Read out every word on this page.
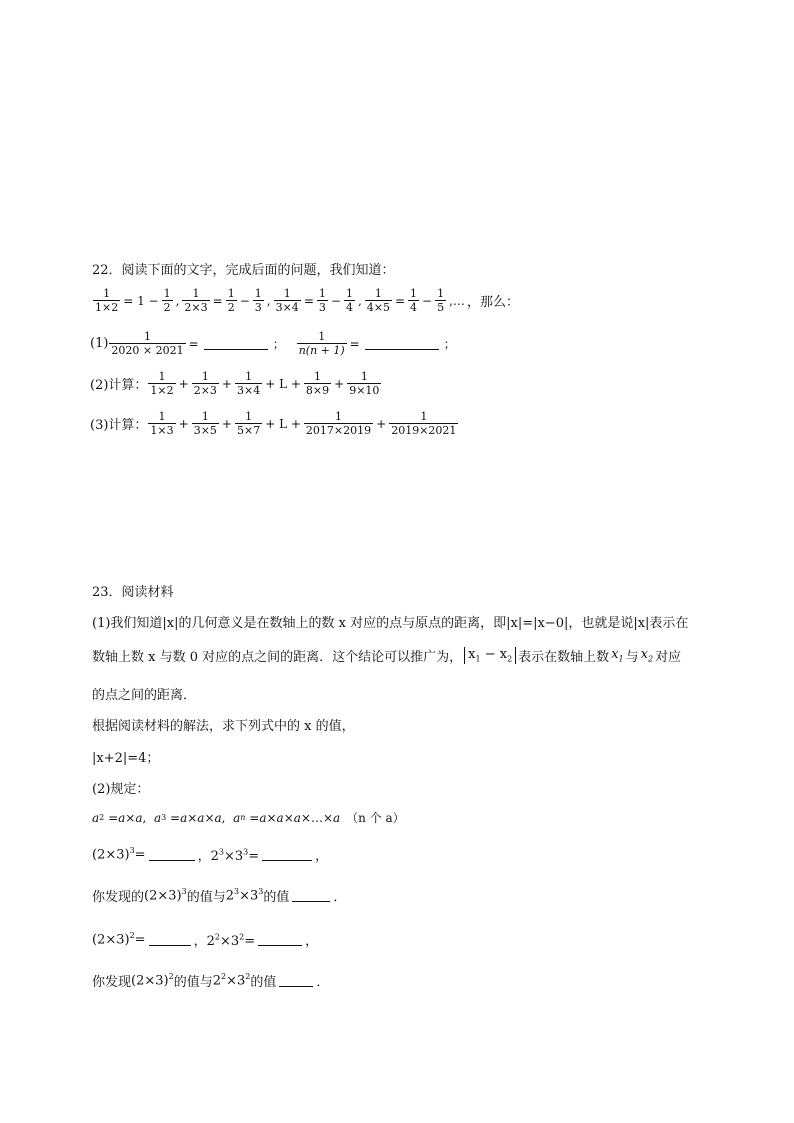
22．阅读下面的文字，完成后面的问题，我们知道：
$\frac{1}{1\times 2} = 1 - \frac{1}{2}$ , $\frac{1}{2\times 3} = \frac{1}{2} - \frac{1}{3}$ , $\frac{1}{3\times 4} = \frac{1}{3} - \frac{1}{4}$ , $\frac{1}{4\times 5} = \frac{1}{4} - \frac{1}{5}$ ,… ，那么：
$(1) \frac{1}{2020 \times 2021}$ =	； $\frac{1}{n(n + 1)}$ =	；
(2)计算： $\frac{1}{1\times 2} + \frac{1}{2\times 3} + \frac{1}{3\times 4} + L + \frac{1}{8\times 9} + \frac{1}{9\times 10}$
(3)计算： $\frac{1}{1\times 3} + \frac{1}{3\times 5} + \frac{1}{5\times 7} + L + \frac{1}{2017\times 2019} + \frac{1}{2019\times 2021}$
23．阅读材料
(1)我们知道|x|的几何意义是在数轴上的数 x 对应的点与原点的距离，即|x|=|x−0|，也就是说|x|表示在
数轴上数 x 与数 0 对应的点之间的距离．这个结论可以推广为， $x_1 - x_2$ 表示在数轴上数 $x_1$ 与 $x_2$ 对应
的点之间的距离．
根据阅读材料的解法，求下列式中的 x 的值，
|x+2|=4；
(2)规定：
a 2 = a × a , a 3 = a × a × a , a n = a × a × a ×…× a （n 个 a）
$(2\times 3)^3=$	，$2^3\times 3^3=$	，
你发现的 $(2\times 3)^3$ 的值与 $2^3\times 3^3$ 的值	．
$(2\times 3)^2=$	，$2^2\times 3^2=$	，
你发现 $(2\times 3)^2$ 的值与 $2^2\times 3^2$ 的值	．
